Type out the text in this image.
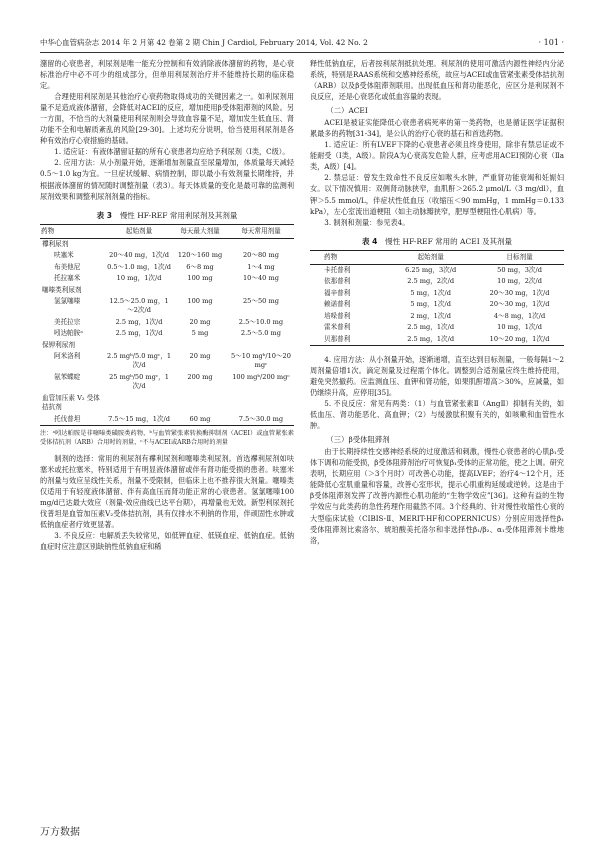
中华心血管病杂志 2014 年 2 月第 42 卷第 2 期 Chin J Cardiol, February 2014, Vol. 42 No. 2	· 101 ·

潴留的心衰患者，利尿剂是唯一能充分控制和有效消除液体潴留的药物，是心衰标准治疗中必不可少的组成部分，但单用利尿剂治疗并不能维持长期的临床稳定。

合理使用利尿剂是其他治疗心衰药物取得成功的关键因素之一。如利尿剂用量不足造成液体潴留，会降低对ACEI的反应，增加使用β受体阻滞剂的风险。另一方面，不恰当的大剂量使用利尿剂则会导致血容量不足，增加发生低血压、肾功能不全和电解质紊乱的风险[29-30]。上述均充分说明，恰当使用利尿剂是各种有效治疗心衰措施的基础。

1. 适应证：有液体潴留证据的所有心衰患者均应给予利尿剂（Ⅰ类，C级）。

2. 应用方法：从小剂量开始，逐渐增加剂量直至尿量增加，体质量每天减轻0.5～1.0 kg为宜。一旦症状缓解、病情控制，即以最小有效剂量长期维持，并根据液体潴留的情况随时调整剂量（表3）。每天体质量的变化是最可靠的监测利尿剂效果和调整利尿剂剂量的指标。

表 3 慢性 HF-REF 常用利尿剂及其剂量
药物	起始剂量	每天最大剂量	每天常用剂量
襻利尿剂			
呋塞米	20～40 mg，1次/d	120～160 mg	20～80 mg
布美他尼	0.5～1.0 mg，1次/d	6～8 mg	1～4 mg
托拉塞米	10 mg，1次/d	100 mg	10～40 mg
噻嗪类利尿剂			
氢氯噻嗪	12.5～25.0 mg，1～2次/d	100 mg	25～50 mg
美托拉宗	2.5 mg，1次/d	20 mg	2.5～10.0 mg
吲达帕胺ᵃ	2.5 mg，1次/d	5 mg	2.5～5.0 mg
保钾利尿剂			
阿米洛利	2.5 mgᵇ/5.0 mgᶜ，1次/d	20 mg	5～10 mgᵇ/10～20 mgᶜ
氨苯蝶啶	25 mgᵇ/50 mgᶜ，1次/d	200 mg	100 mgᵇ/200 mgᶜ
血管加压素 V₂ 受体拮抗剂			
托伐普坦	7.5～15 mg，1次/d	60 mg	7.5～30.0 mg
注：ᵃ吲达帕胺是非噻嗪类磺胺类药物，ᵇ与血管紧张素转换酶抑制剂（ACEI）或血管紧张素受体拮抗剂（ARB）合用时的剂量，ᶜ不与ACEI或ARB合用时的剂量

制剂的选择：常用的利尿剂有襻利尿剂和噻嗪类利尿剂。首选襻利尿剂如呋塞米或托拉塞米，特别适用于有明显液体潴留或伴有肾功能受损的患者。呋塞米的剂量与效应呈线性关系，剂量不受限制，但临床上也不推荐很大剂量。噻嗪类仅适用于有轻度液体潴留、伴有高血压而肾功能正常的心衰患者。氢氯噻嗪100 mg/d已达最大效应（剂量-效应曲线已达平台期），再增量也无效。新型利尿剂托伐普坦是血管加压素V₂受体拮抗剂，具有仅排水不利钠的作用，伴顽固性水肿或低钠血症者疗效更显著。

3. 不良反应：电解质丢失较常见，如低钾血症、低镁血症、低钠血症。低钠血症时应注意区别缺钠性低钠血症和稀

释性低钠血症，后者按利尿剂抵抗处理。利尿剂的使用可激活内源性神经内分泌系统，特别是RAAS系统和交感神经系统，故应与ACEI或血管紧张素受体拮抗剂（ARB）以及β受体阻滞剂联用。出现低血压和肾功能恶化，应区分是利尿剂不良反应，还是心衰恶化或低血容量的表现。

（二）ACEI

ACEI是被证实能降低心衰患者病死率的第一类药物，也是循证医学证据积累最多的药物[31-34]，是公认的治疗心衰的基石和首选药物。

1. 适应证：所有LVEF下降的心衰患者必须且终身使用，除非有禁忌证或不能耐受（Ⅰ类，A级）。阶段A为心衰高发危险人群，应考虑用ACEI预防心衰（Ⅱa类，A级）[4]。

2. 禁忌证：曾发生致命性不良反应如喉头水肿，严重肾功能衰竭和妊娠妇女。以下情况慎用：双侧肾动脉狭窄，血肌酐＞265.2 μmol/L（3 mg/dl），血钾＞5.5 mmol/L，伴症状性低血压（收缩压＜90 mmHg，1 mmHg＝0.133 kPa），左心室流出道梗阻（如主动脉瓣狭窄，肥厚型梗阻性心肌病）等。

3. 制剂和剂量：参见表4。

表 4 慢性 HF-REF 常用的 ACEI 及其剂量
药物	起始剂量	目标剂量
卡托普利	6.25 mg，3次/d	50 mg，3次/d
依那普利	2.5 mg，2次/d	10 mg，2次/d
福辛普利	5 mg，1次/d	20～30 mg，1次/d
赖诺普利	5 mg，1次/d	20～30 mg，1次/d
培哚普利	2 mg，1次/d	4～8 mg，1次/d
雷米普利	2.5 mg，1次/d	10 mg，1次/d
贝那普利	2.5 mg，1次/d	10～20 mg，1次/d

4. 应用方法：从小剂量开始，逐渐递增，直至达到目标剂量，一般每隔1～2周剂量倍增1次。滴定剂量及过程需个体化。调整到合适剂量应终生维持使用，避免突然撤药。应监测血压、血钾和肾功能，如果肌酐增高＞30%，应减量，如仍继续升高，应停用[35]。

5. 不良反应：常见有两类：（1）与血管紧张素Ⅱ（AngⅡ）抑制有关的，如低血压、肾功能恶化、高血钾；（2）与缓激肽积聚有关的，如咳嗽和血管性水肿。

（三）β受体阻滞剂

由于长期持续性交感神经系统的过度激活和刺激，慢性心衰患者的心肌β₁受体下调和功能受损，β受体阻滞剂治疗可恢复β₁受体的正常功能，使之上调。研究表明，长期应用（＞3个月时）可改善心功能，提高LVEF；治疗4～12个月，还能降低心室肌重量和容量，改善心室形状，提示心肌重构延缓或逆转。这是由于β受体阻滞剂发挥了改善内源性心肌功能的“生物学效应”[36]。这种有益的生物学效应与此类药的急性药理作用截然不同。3个经典的、针对慢性收缩性心衰的大型临床试验（CIBIS-Ⅱ、MERIT-HF和COPERNICUS）分别应用选择性β₁受体阻滞剂比索洛尔、琥珀酸美托洛尔和非选择性β₁/β₂、α₁受体阻滞剂卡维地洛，

万方数据
